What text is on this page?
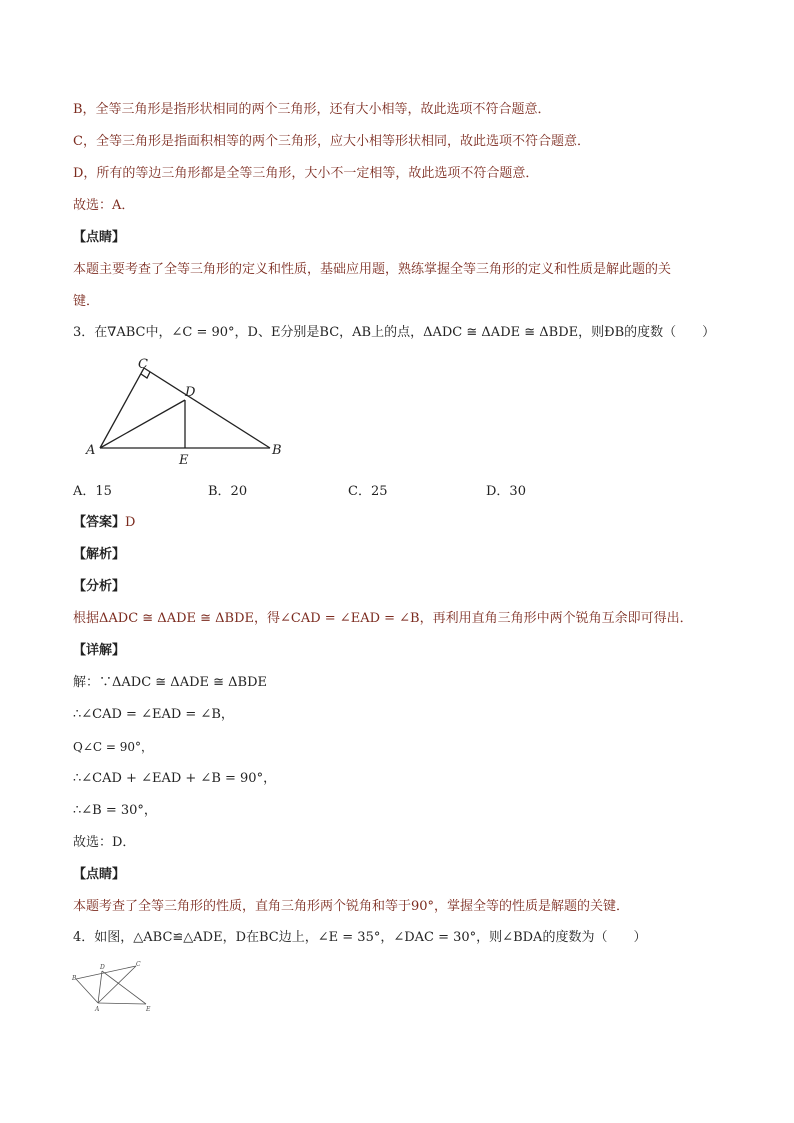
B，全等三角形是指形状相同的两个三角形，还有大小相等，故此选项不符合题意．
C，全等三角形是指面积相等的两个三角形，应大小相等形状相同，故此选项不符合题意．
D，所有的等边三角形都是全等三角形，大小不一定相等，故此选项不符合题意．
故选：A．
【点睛】
本题主要考查了全等三角形的定义和性质，基础应用题，熟练掌握全等三角形的定义和性质是解此题的关
键．
3．在∇ABC中，∠C = 90°，D、E分别是BC，AB上的点，ΔADC ≅ ΔADE ≅ ΔBDE，则ÐB的度数（　　）
C
D
A
E
B
A．15	B．20	C．25	D．30
【答案】D
【解析】
【分析】
根据ΔADC ≅ ΔADE ≅ ΔBDE，得∠CAD = ∠EAD = ∠B，再利用直角三角形中两个锐角互余即可得出．
【详解】
解：∵ΔADC ≅ ΔADE ≅ ΔBDE
∴∠CAD = ∠EAD = ∠B，
Q∠C = 90°，
∴∠CAD + ∠EAD + ∠B = 90°，
∴∠B = 30°，
故选：D．
【点睛】
本题考查了全等三角形的性质，直角三角形两个锐角和等于90°，掌握全等的性质是解题的关键．
4．如图，△ABC≌△ADE，D在BC边上，∠E = 35°，∠DAC = 30°，则∠BDA的度数为（　　）
B
D	C
A	E
